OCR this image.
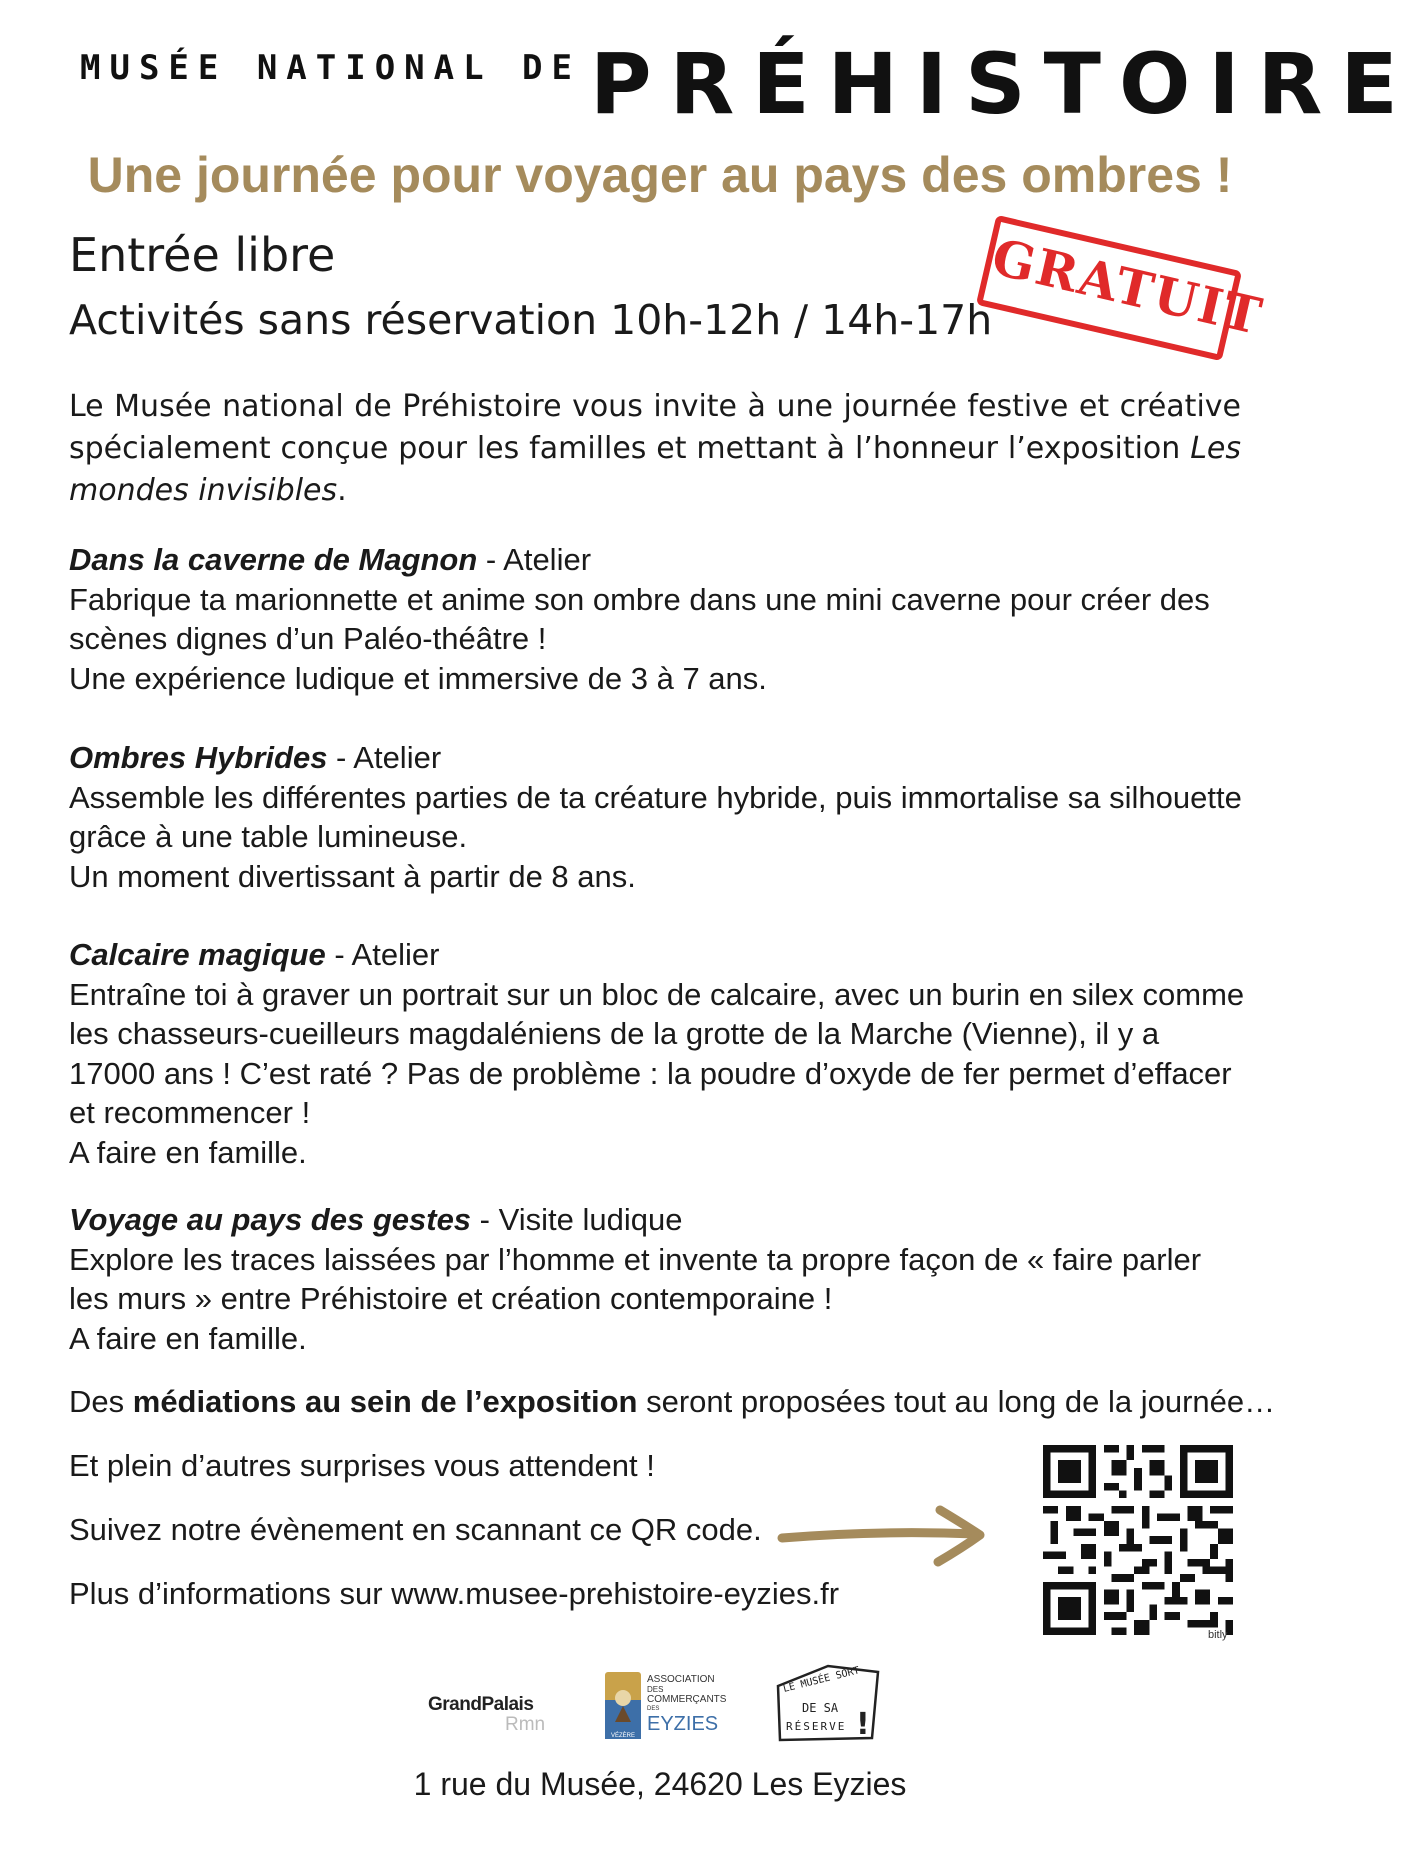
MUSÉE NATIONAL DE PRÉHISTOIRE
Une journée pour voyager au pays des ombres !
Entrée libre
Activités sans réservation 10h-12h / 14h-17h
GRATUIT
Le Musée national de Préhistoire vous invite à une journée festive et créative spécialement conçue pour les familles et mettant à l’honneur l’exposition Les mondes invisibles.

Dans la caverne de Magnon - Atelier

Fabrique ta marionnette et anime son ombre dans une mini caverne pour créer des scènes dignes d’un Paléo-théâtre !

Une expérience ludique et immersive de 3 à 7 ans.

Ombres Hybrides - Atelier

Assemble les différentes parties de ta créature hybride, puis immortalise sa silhouette grâce à une table lumineuse.

Un moment divertissant à partir de 8 ans.

Calcaire magique - Atelier

Entraîne toi à graver un portrait sur un bloc de calcaire, avec un burin en silex comme les chasseurs-cueilleurs magdaléniens de la grotte de la Marche (Vienne), il y a 17000 ans ! C’est raté ? Pas de problème : la poudre d’oxyde de fer permet d’effacer et recommencer !

A faire en famille.

Voyage au pays des gestes - Visite ludique

Explore les traces laissées par l’homme et invente ta propre façon de « faire parler les murs » entre Préhistoire et création contemporaine !

A faire en famille.

Des médiations au sein de l’exposition seront proposées tout au long de la journée…
Et plein d’autres surprises vous attendent !
Suivez notre évènement en scannant ce QR code.
Plus d’informations sur www.musee-prehistoire-eyzies.fr
bitly
GrandPalais
Rmn
VÉZÈRE
ASSOCIATION
DES
COMMERÇANTS
DES
EYZIES
LE MUSÉE SORT
DE SA
RÉSERVE !
1 rue du Musée, 24620 Les Eyzies
